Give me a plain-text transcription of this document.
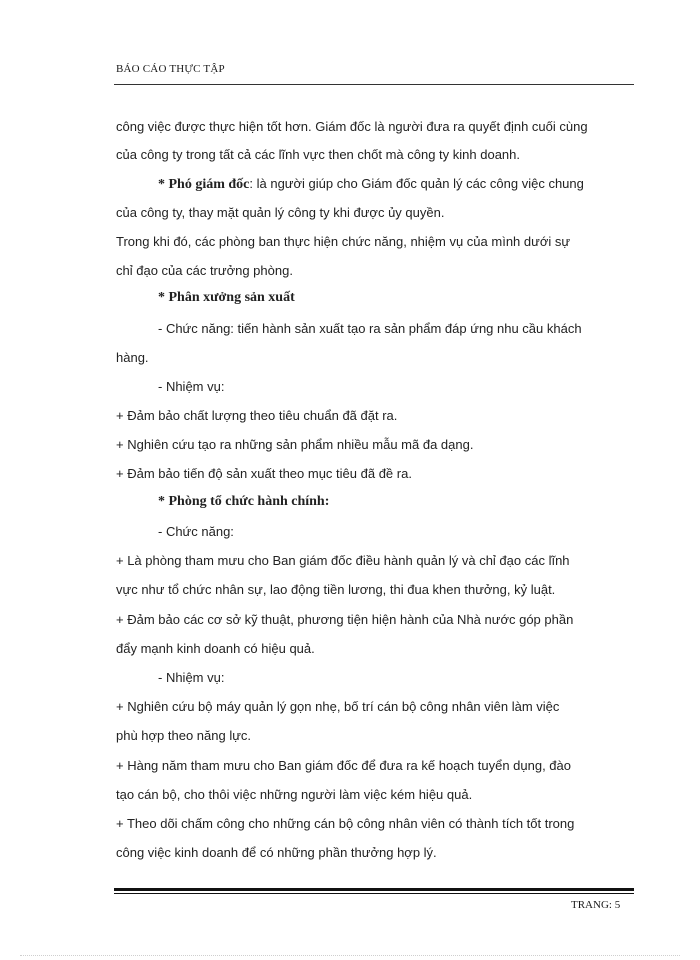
BÁO CÁO THỰC TẬP
công việc được thực hiện tốt hơn. Giám đốc là người đưa ra quyết định cuối cùng
của công ty trong tất cả các lĩnh vực then chốt mà công ty kinh doanh.
* Phó giám đốc: là người giúp cho Giám đốc quản lý các công việc chung
của công ty, thay mặt quản lý công ty khi được ủy quyền.
Trong khi đó, các phòng ban thực hiện chức năng, nhiệm vụ của mình dưới sự
chỉ đạo của các trưởng phòng.
* Phân xưởng sản xuất
- Chức năng: tiến hành sản xuất tạo ra sản phẩm đáp ứng nhu cầu khách
hàng.
- Nhiệm vụ:
+ Đảm bảo chất lượng theo tiêu chuẩn đã đặt ra.
+ Nghiên cứu tạo ra những sản phẩm nhiều mẫu mã đa dạng.
+ Đảm bảo tiến độ sản xuất theo mục tiêu đã đề ra.
* Phòng tổ chức hành chính:
- Chức năng:
+ Là phòng tham mưu cho Ban giám đốc điều hành quản lý và chỉ đạo các lĩnh
vực như tổ chức nhân sự, lao động tiền lương, thi đua khen thưởng, kỷ luật.
+ Đảm bảo các cơ sở kỹ thuật, phương tiện hiện hành của Nhà nước góp phần
đẩy mạnh kinh doanh có hiệu quả.
- Nhiệm vụ:
+ Nghiên cứu bộ máy quản lý gọn nhẹ, bố trí cán bộ công nhân viên làm việc
phù hợp theo năng lực.
+ Hàng năm tham mưu cho Ban giám đốc để đưa ra kế hoạch tuyển dụng, đào
tạo cán bộ, cho thôi việc những người làm việc kém hiệu quả.
+ Theo dõi chấm công cho những cán bộ công nhân viên có thành tích tốt trong
công việc kinh doanh để có những phần thưởng hợp lý.
TRANG: 5
